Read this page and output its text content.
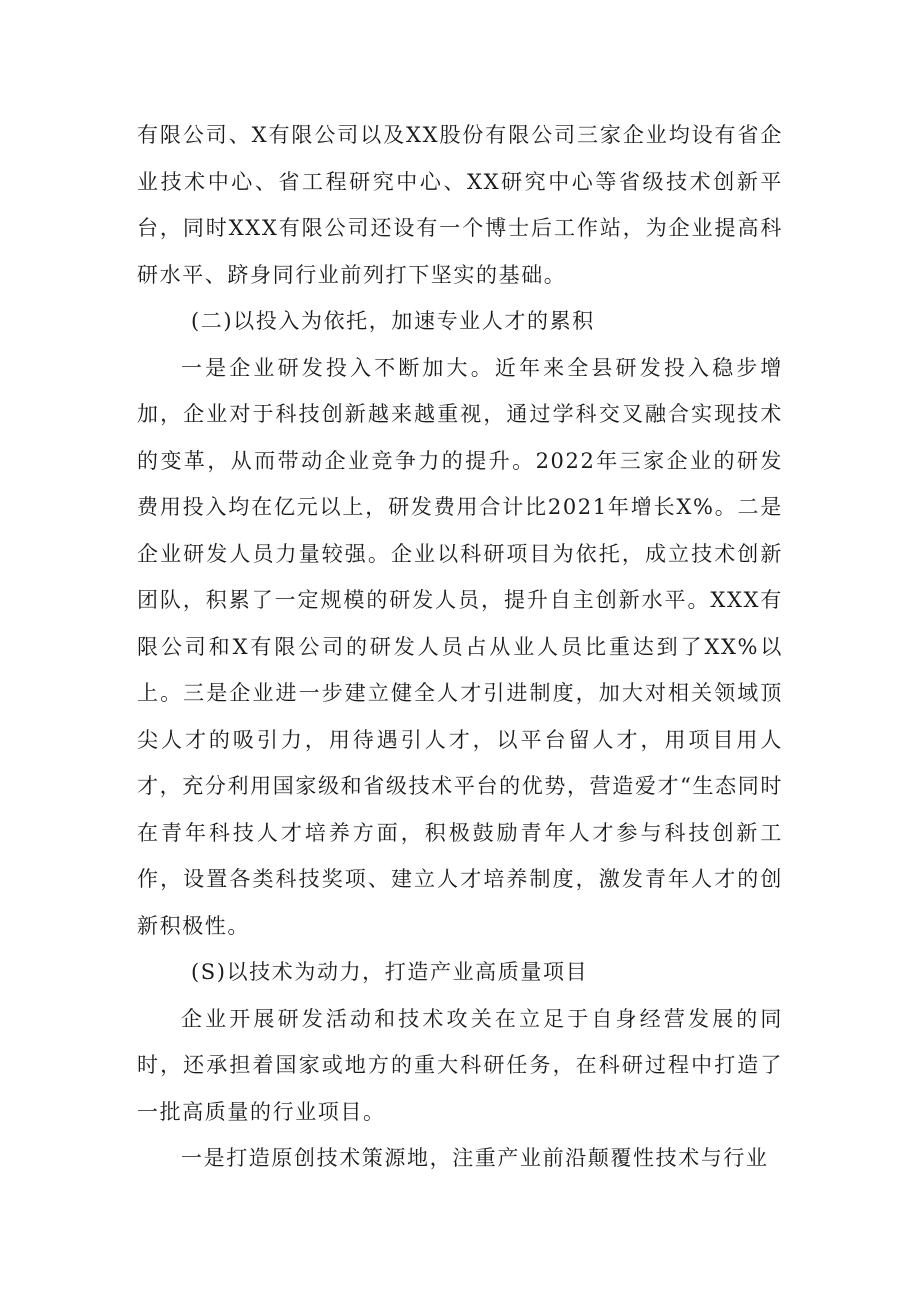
有限公司、X有限公司以及XX股份有限公司三家企业均设有省企业技术中心、省工程研究中心、XX研究中心等省级技术创新平台，同时XXX有限公司还设有一个博士后工作站，为企业提高科研水平、跻身同行业前列打下坚实的基础。

(二)以投入为依托，加速专业人才的累积

一是企业研发投入不断加大。近年来全县研发投入稳步增加，企业对于科技创新越来越重视，通过学科交叉融合实现技术的变革，从而带动企业竞争力的提升。2022年三家企业的研发费用投入均在亿元以上，研发费用合计比2021年增长X%。二是企业研发人员力量较强。企业以科研项目为依托，成立技术创新团队，积累了一定规模的研发人员，提升自主创新水平。XXX有限公司和X有限公司的研发人员占从业人员比重达到了XX%以上。三是企业进一步建立健全人才引进制度，加大对相关领域顶尖人才的吸引力，用待遇引人才，以平台留人才，用项目用人才，充分利用国家级和省级技术平台的优势，营造爱才“生态同时在青年科技人才培养方面，积极鼓励青年人才参与科技创新工作，设置各类科技奖项、建立人才培养制度，激发青年人才的创新积极性。

(S)以技术为动力，打造产业高质量项目

企业开展研发活动和技术攻关在立足于自身经营发展的同时，还承担着国家或地方的重大科研任务，在科研过程中打造了一批高质量的行业项目。

一是打造原创技术策源地，注重产业前沿颠覆性技术与行业
